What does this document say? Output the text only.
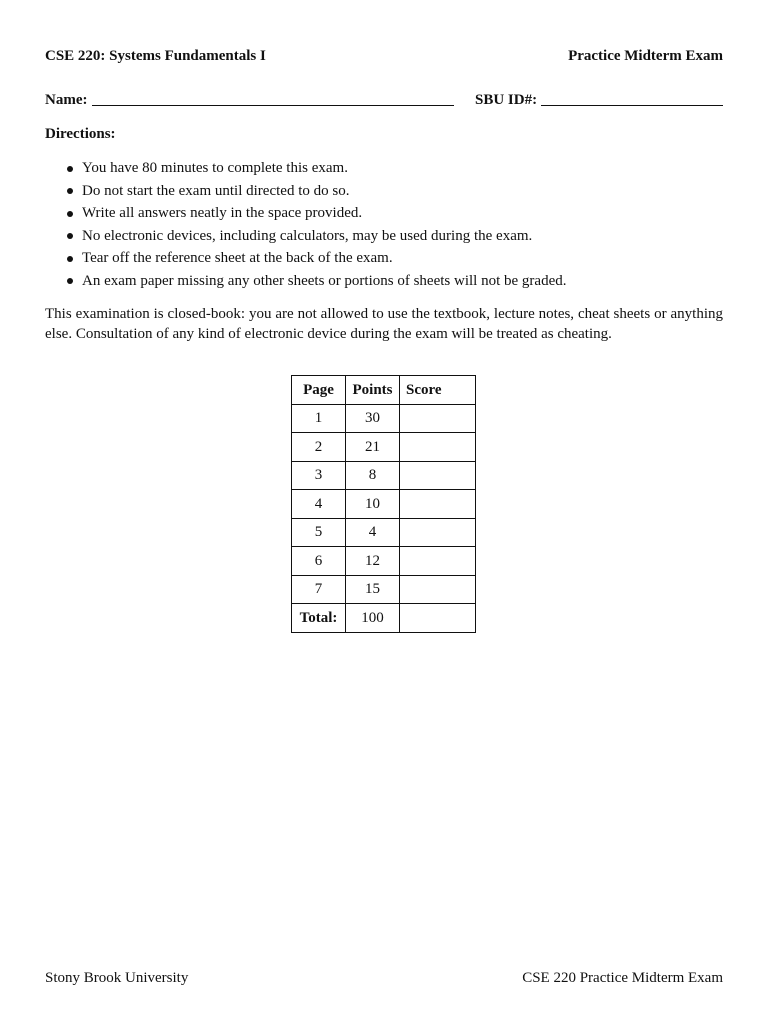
CSE 220: Systems Fundamentals I	Practice Midterm Exam
Name:	SBU ID#:
Directions:
You have 80 minutes to complete this exam.
Do not start the exam until directed to do so.
Write all answers neatly in the space provided.
No electronic devices, including calculators, may be used during the exam.
Tear off the reference sheet at the back of the exam.
An exam paper missing any other sheets or portions of sheets will not be graded.
This examination is closed-book: you are not allowed to use the textbook, lecture notes, cheat sheets or anything else. Consultation of any kind of electronic device during the exam will be treated as cheating.
Page	Points	Score
1	30	
2	21	
3	8	
4	10	
5	4	
6	12	
7	15	
Total:	100	
Stony Brook University	CSE 220 Practice Midterm Exam
